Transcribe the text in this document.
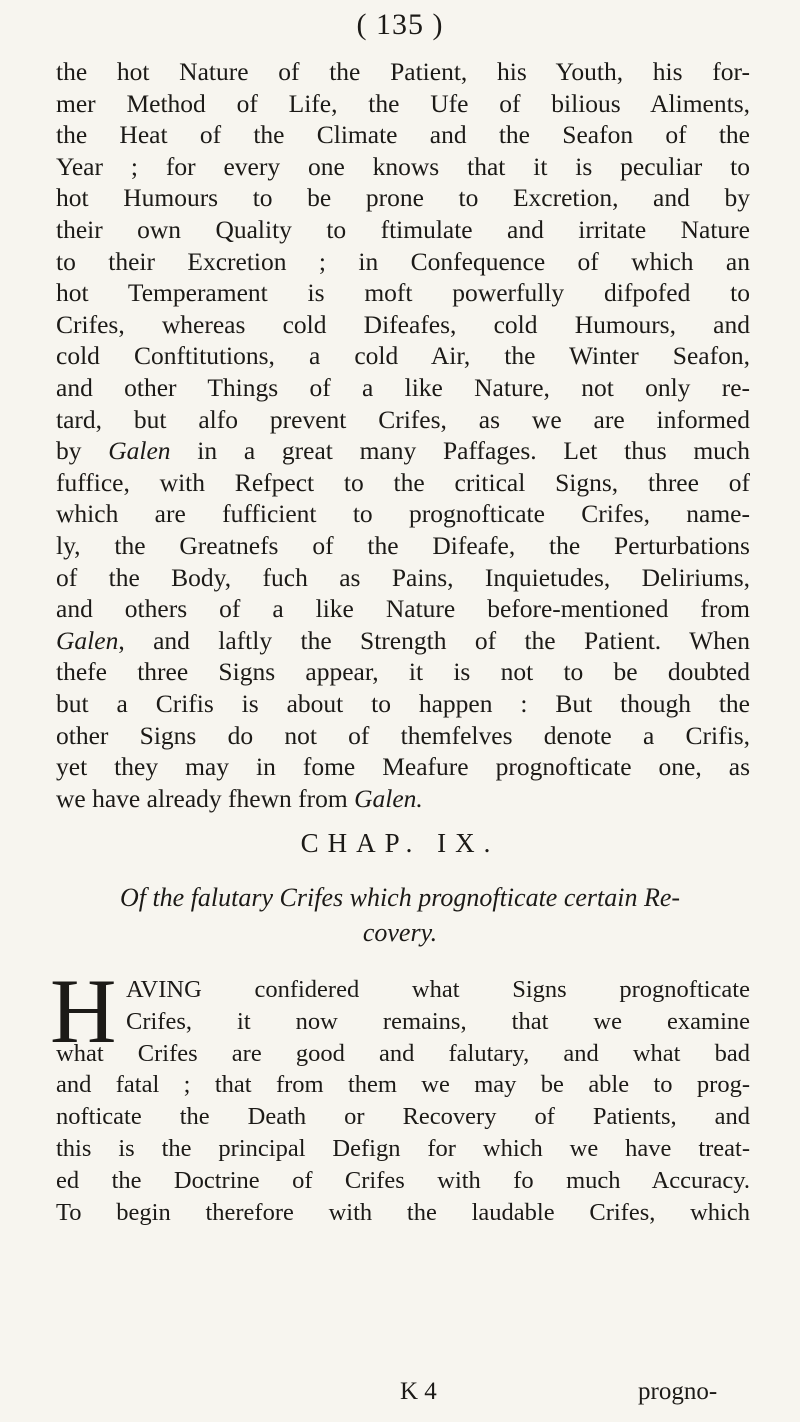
( 135 )
the hot Nature of the Patient, his Youth, his for-
mer Method of Life, the Ufe of bilious Aliments,
the Heat of the Climate and the Seafon of the
Year ; for every one knows that it is peculiar to
hot Humours to be prone to Excretion, and by
their own Quality to ftimulate and irritate Nature
to their Excretion ; in Confequence of which an
hot Temperament is moft powerfully difpofed to
Crifes, whereas cold Difeafes, cold Humours, and
cold Conftitutions, a cold Air, the Winter Seafon,
and other Things of a like Nature, not only re-
tard, but alfo prevent Crifes, as we are informed
by Galen in a great many Paffages. Let thus much
fuffice, with Refpect to the critical Signs, three of
which are fufficient to prognofticate Crifes, name-
ly, the Greatnefs of the Difeafe, the Perturbations
of the Body, fuch as Pains, Inquietudes, Deliriums,
and others of a like Nature before-mentioned from
Galen, and laftly the Strength of the Patient. When
thefe three Signs appear, it is not to be doubted
but a Crifis is about to happen : But though the
other Signs do not of themfelves denote a Crifis,
yet they may in fome Meafure prognofticate one, as
we have already fhewn from Galen.
CHAP. IX.
Of the falutary Crifes which prognofticate certain Re-
covery.
H AVING confidered what Signs prognofticate
Crifes, it now remains, that we examine
what Crifes are good and falutary, and what bad
and fatal ; that from them we may be able to prog-
nofticate the Death or Recovery of Patients, and
this is the principal Defign for which we have treat-
ed the Doctrine of Crifes with fo much Accuracy.
To begin therefore with the laudable Crifes, which
K 4	progno-
